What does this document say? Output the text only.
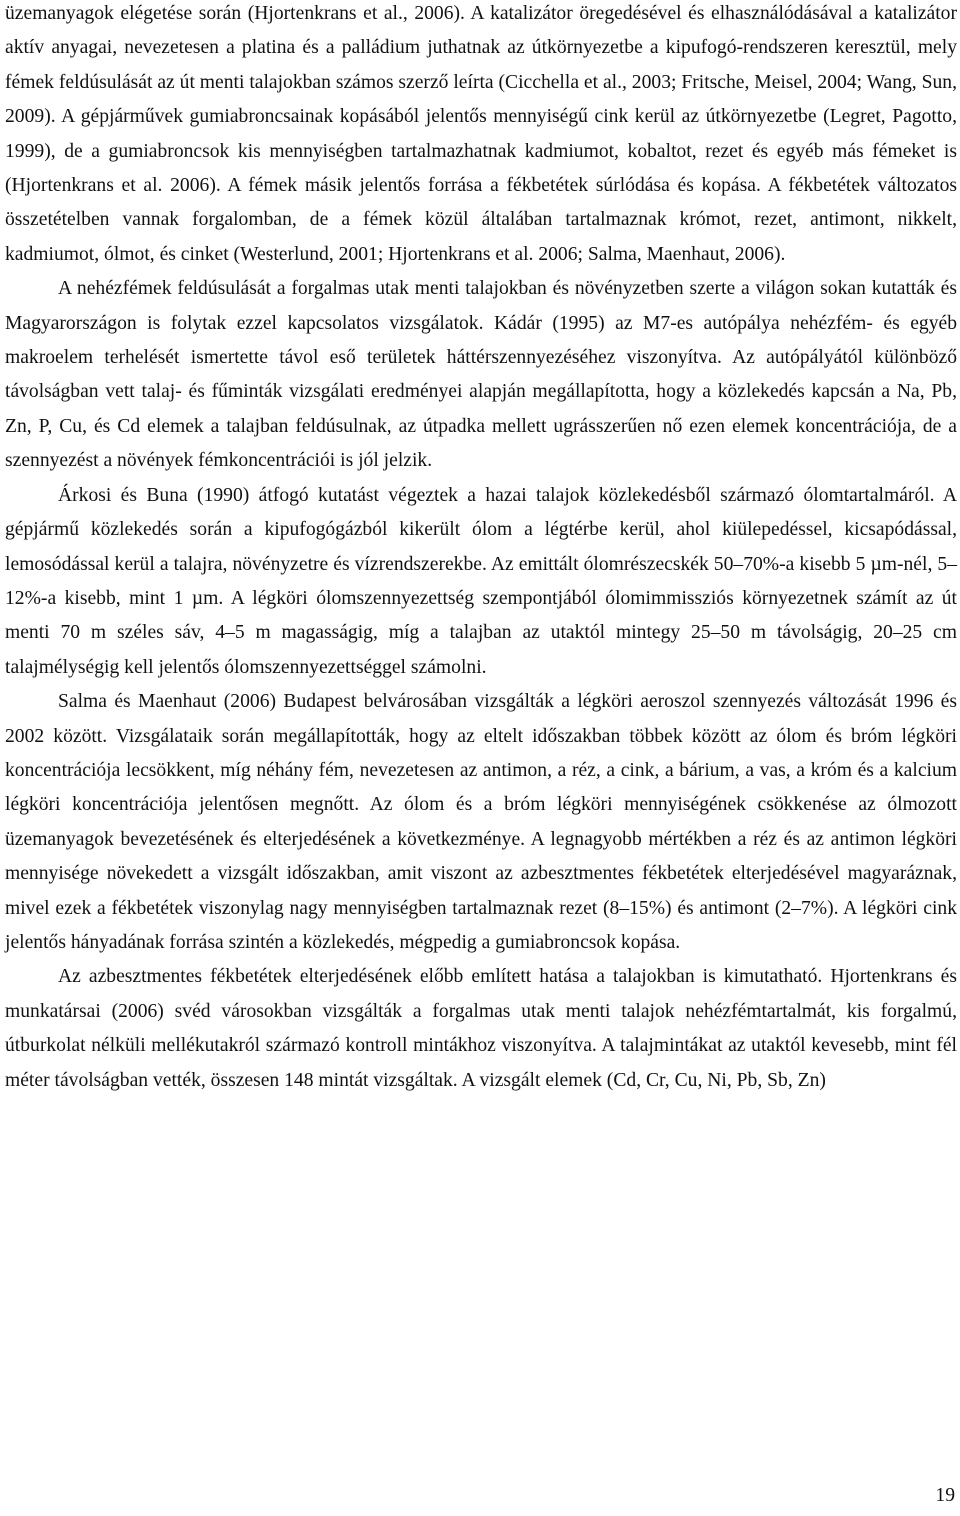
üzemanyagok elégetése során (Hjortenkrans et al., 2006). A katalizátor öregedésével és elhasználódásával a katalizátor aktív anyagai, nevezetesen a platina és a palládium juthatnak az útkörnyezetbe a kipufogó-rendszeren keresztül, mely fémek feldúsulását az út menti talajokban számos szerző leírta (Cicchella et al., 2003; Fritsche, Meisel, 2004; Wang, Sun, 2009). A gépjárművek gumiabroncsainak kopásából jelentős mennyiségű cink kerül az útkörnyezetbe (Legret, Pagotto, 1999), de a gumiabroncsok kis mennyiségben tartalmazhatnak kadmiumot, kobaltot, rezet és egyéb más fémeket is (Hjortenkrans et al. 2006). A fémek másik jelentős forrása a fékbetétek súrlódása és kopása. A fékbetétek változatos összetételben vannak forgalomban, de a fémek közül általában tartalmaznak krómot, rezet, antimont, nikkelt, kadmiumot, ólmot, és cinket (Westerlund, 2001; Hjortenkrans et al. 2006; Salma, Maenhaut, 2006).

A nehézfémek feldúsulását a forgalmas utak menti talajokban és növényzetben szerte a világon sokan kutatták és Magyarországon is folytak ezzel kapcsolatos vizsgálatok. Kádár (1995) az M7-es autópálya nehézfém- és egyéb makroelem terhelését ismertette távol eső területek háttérszennyezéséhez viszonyítva. Az autópályától különböző távolságban vett talaj- és fűminták vizsgálati eredményei alapján megállapította, hogy a közlekedés kapcsán a Na, Pb, Zn, P, Cu, és Cd elemek a talajban feldúsulnak, az útpadka mellett ugrásszerűen nő ezen elemek koncentrációja, de a szennyezést a növények fémkoncentrációi is jól jelzik.

Árkosi és Buna (1990) átfogó kutatást végeztek a hazai talajok közlekedésből származó ólomtartalmáról. A gépjármű közlekedés során a kipufogógázból kikerült ólom a légtérbe kerül, ahol kiülepedéssel, kicsapódással, lemosódással kerül a talajra, növényzetre és vízrendszerekbe. Az emittált ólomrészecskék 50–70%-a kisebb 5 µm-nél, 5–12%-a kisebb, mint 1 µm. A légköri ólomszennyezettség szempontjából ólomimmissziós környezetnek számít az út menti 70 m széles sáv, 4–5 m magasságig, míg a talajban az utaktól mintegy 25–50 m távolságig, 20–25 cm talajmélységig kell jelentős ólomszennyezettséggel számolni.

Salma és Maenhaut (2006) Budapest belvárosában vizsgálták a légköri aeroszol szennyezés változását 1996 és 2002 között. Vizsgálataik során megállapították, hogy az eltelt időszakban többek között az ólom és bróm légköri koncentrációja lecsökkent, míg néhány fém, nevezetesen az antimon, a réz, a cink, a bárium, a vas, a króm és a kalcium légköri koncentrációja jelentősen megnőtt. Az ólom és a bróm légköri mennyiségének csökkenése az ólmozott üzemanyagok bevezetésének és elterjedésének a következménye. A legnagyobb mértékben a réz és az antimon légköri mennyisége növekedett a vizsgált időszakban, amit viszont az azbesztmentes fékbetétek elterjedésével magyaráznak, mivel ezek a fékbetétek viszonylag nagy mennyiségben tartalmaznak rezet (8–15%) és antimont (2–7%). A légköri cink jelentős hányadának forrása szintén a közlekedés, mégpedig a gumiabroncsok kopása.

Az azbesztmentes fékbetétek elterjedésének előbb említett hatása a talajokban is kimutatható. Hjortenkrans és munkatársai (2006) svéd városokban vizsgálták a forgalmas utak menti talajok nehézfémtartalmát, kis forgalmú, útburkolat nélküli mellékutakról származó kontroll mintákhoz viszonyítva. A talajmintákat az utaktól kevesebb, mint fél méter távolságban vették, összesen 148 mintát vizsgáltak. A vizsgált elemek (Cd, Cr, Cu, Ni, Pb, Sb, Zn)

19
